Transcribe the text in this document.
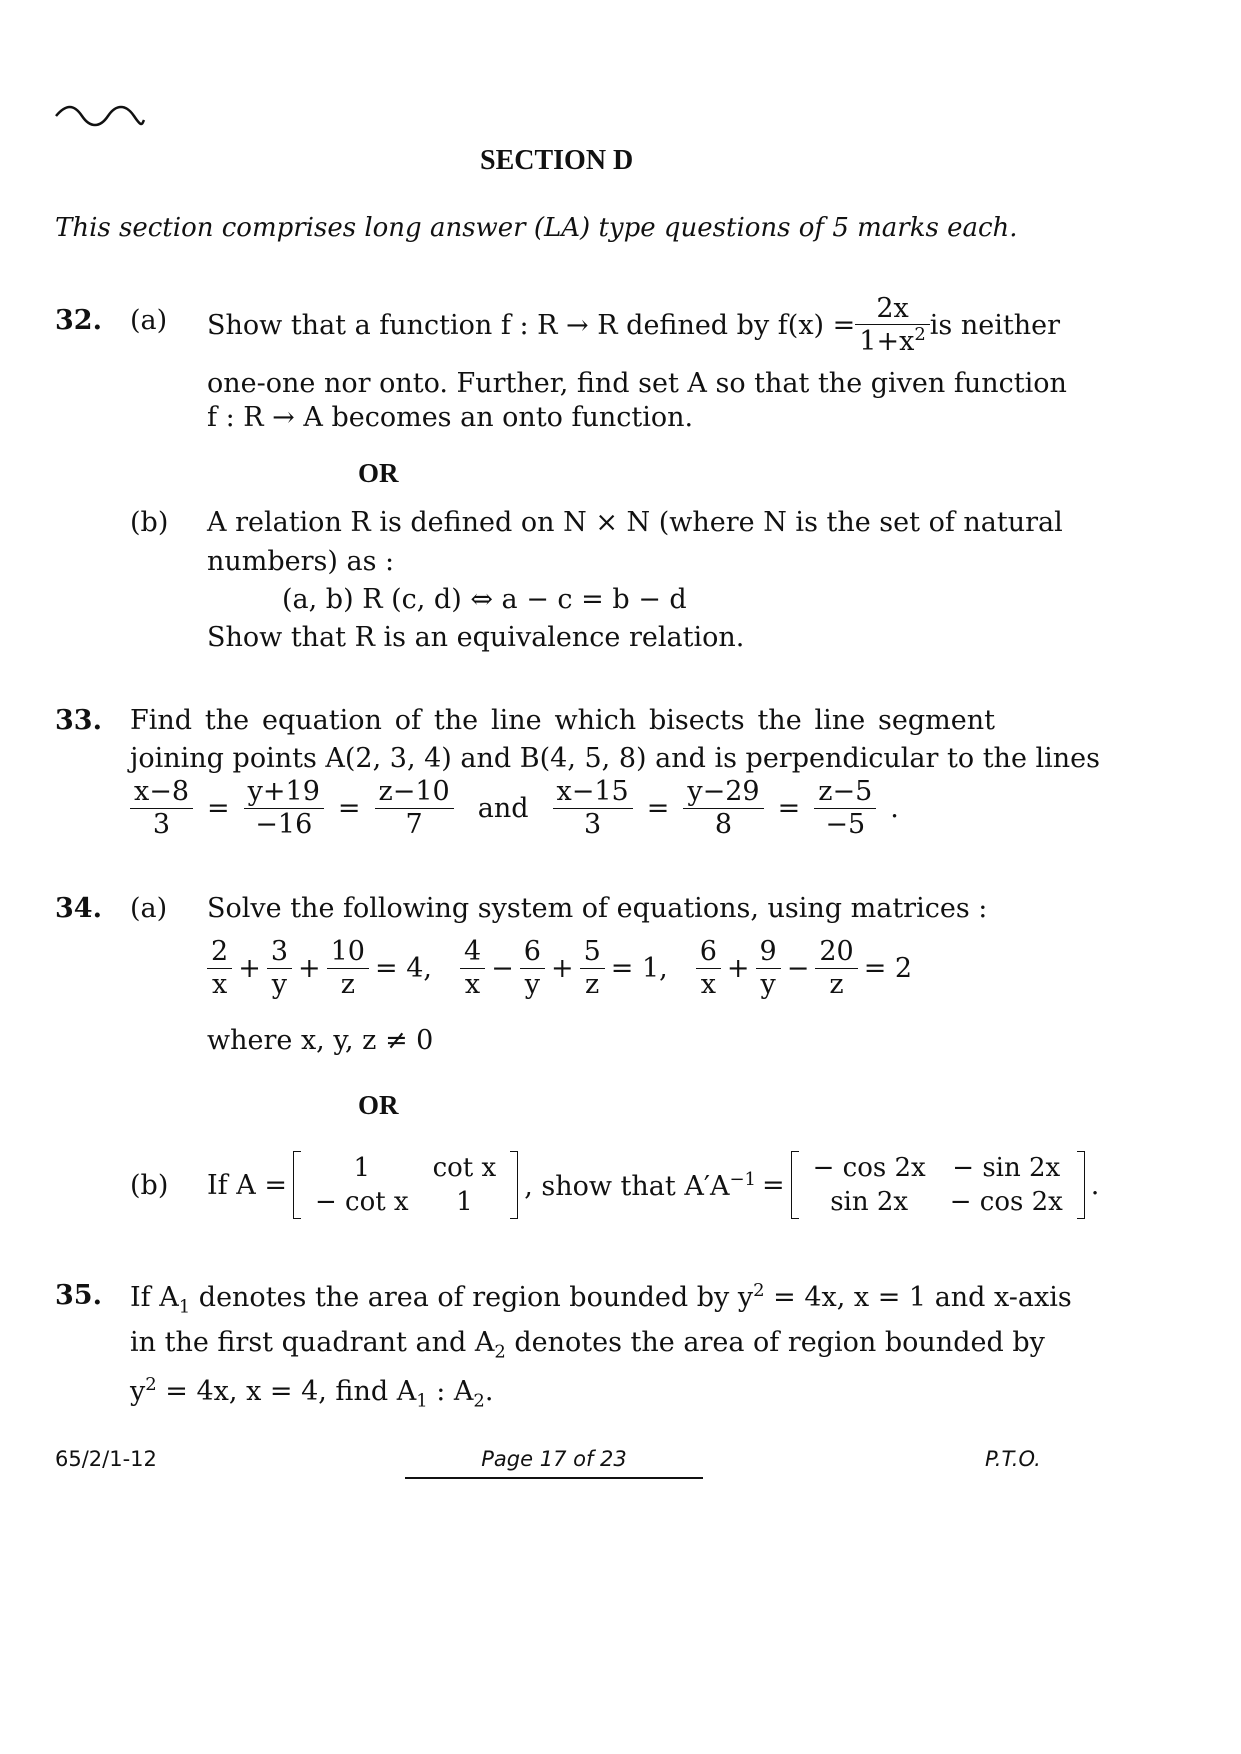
SECTION D
This section comprises long answer (LA) type questions of 5 marks each.
32. (a) Show that a function f : R → R defined by $f(x) = \frac{2x}{1+x^2}$ is neither
one-one nor onto. Further, find set A so that the given function
f : R → A becomes an onto function.
OR
(b) A relation R is defined on N × N (where N is the set of natural
numbers) as :
(a, b) R (c, d) ⇔ a − c = b − d
Show that R is an equivalence relation.
33. Find the equation of the line which bisects the line segment
joining points A(2, 3, 4) and B(4, 5, 8) and is perpendicular to the lines
$\frac{x-8}{3} = \frac{y+19}{-16} = \frac{z-10}{7}$ and $\frac{x-15}{3} = \frac{y-29}{8} = \frac{z-5}{-5}$ .
34. (a) Solve the following system of equations, using matrices :
$\frac{2}{x} + \frac{3}{y} + \frac{10}{z} = 4$, $\frac{4}{x} - \frac{6}{y} + \frac{5}{z} = 1$, $\frac{6}{x} + \frac{9}{y} - \frac{20}{z} = 2$
where x, y, z ≠ 0
OR
(b) If A =
1	cot x
− cot x	1
, show that $A'A^{-1}$ =
− cos 2x	− sin 2x
sin 2x	− cos 2x
.
35. If $A_1$ denotes the area of region bounded by $y^2 = 4x$, x = 1 and x-axis
in the first quadrant and $A_2$ denotes the area of region bounded by
$y^2 = 4x$, x = 4, find $A_1$ : $A_2$.
65/2/1-12	Page 17 of 23	P.T.O.
